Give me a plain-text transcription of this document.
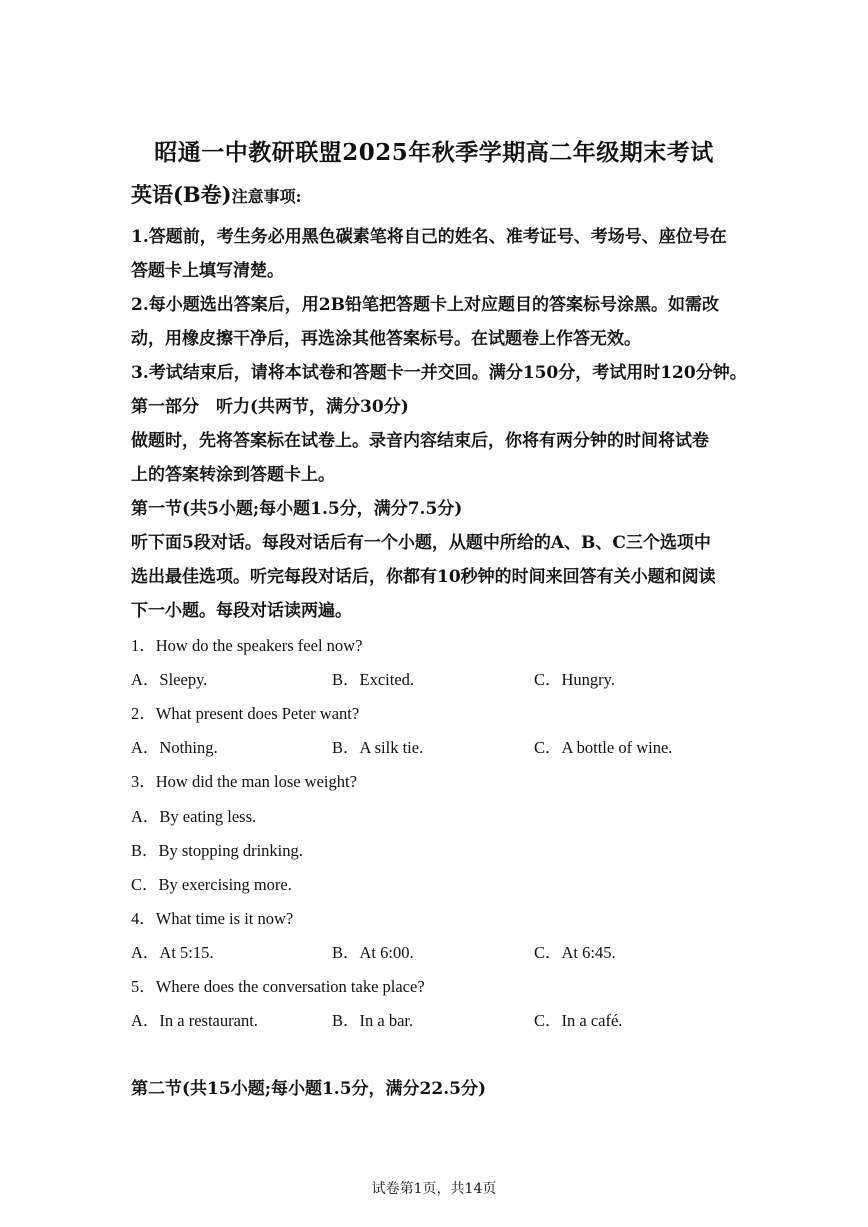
昭通一中教研联盟2025年秋季学期高二年级期末考试
英语(B卷)注意事项:
1.答题前，考生务必用黑色碳素笔将自己的姓名、准考证号、考场号、座位号在
答题卡上填写清楚。
2.每小题选出答案后，用2B铅笔把答题卡上对应题目的答案标号涂黑。如需改
动，用橡皮擦干净后，再选涂其他答案标号。在试题卷上作答无效。
3.考试结束后，请将本试卷和答题卡一并交回。满分150分，考试用时120分钟。
第一部分　听力(共两节，满分30分)
做题时，先将答案标在试卷上。录音内容结束后，你将有两分钟的时间将试卷
上的答案转涂到答题卡上。
第一节(共5小题;每小题1.5分，满分7.5分)
听下面5段对话。每段对话后有一个小题，从题中所给的A、B、C三个选项中
选出最佳选项。听完每段对话后，你都有10秒钟的时间来回答有关小题和阅读
下一小题。每段对话读两遍。
1．How do the speakers feel now?
A．Sleepy.	B．Excited.	C．Hungry.
2．What present does Peter want?
A．Nothing.	B．A silk tie.	C．A bottle of wine.
3．How did the man lose weight?
A．By eating less.
B．By stopping drinking.
C．By exercising more.
4．What time is it now?
A．At 5:15.	B．At 6:00.	C．At 6:45.
5．Where does the conversation take place?
A．In a restaurant.	B．In a bar.	C．In a café.
第二节(共15小题;每小题1.5分，满分22.5分)
试卷第1页，共14页
